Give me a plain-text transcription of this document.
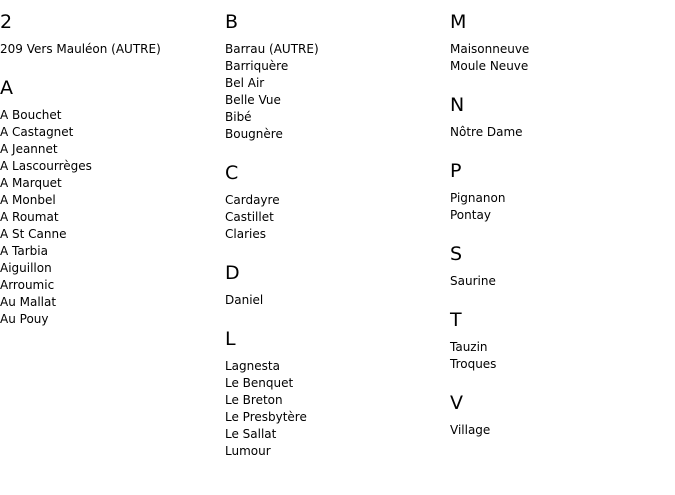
2
209 Vers Mauléon (AUTRE)
A
A Bouchet
A Castagnet
A Jeannet
A Lascourrèges
A Marquet
A Monbel
A Roumat
A St Canne
A Tarbia
Aiguillon
Arroumic
Au Mallat
Au Pouy
B
Barrau (AUTRE)
Barriquère
Bel Air
Belle Vue
Bibé
Bougnère
C
Cardayre
Castillet
Claries
D
Daniel
L
Lagnesta
Le Benquet
Le Breton
Le Presbytère
Le Sallat
Lumour
M
Maisonneuve
Moule Neuve
N
Nôtre Dame
P
Pignanon
Pontay
S
Saurine
T
Tauzin
Troques
V
Village
